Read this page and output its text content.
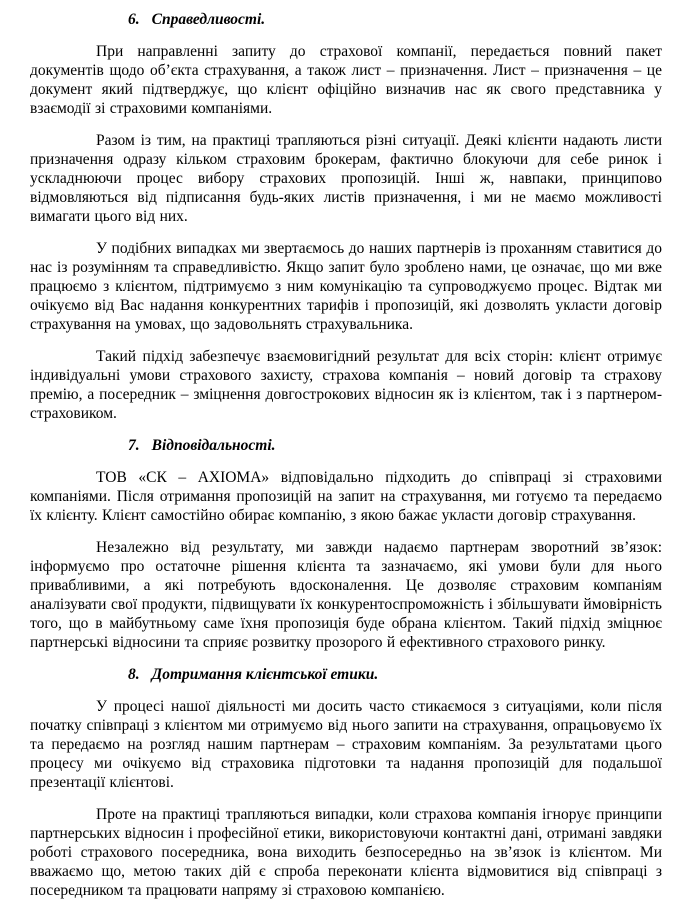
6. Справедливості.

При направленні запиту до страхової компанії, передається повний пакет документів щодо об’єкта страхування, а також лист – призначення. Лист – призначення – це документ який підтверджує, що клієнт офіційно визначив нас як свого представника у взаємодії зі страховими компаніями.

Разом із тим, на практиці трапляються різні ситуації. Деякі клієнти надають листи призначення одразу кільком страховим брокерам, фактично блокуючи для себе ринок і ускладнюючи процес вибору страхових пропозицій. Інші ж, навпаки, принципово відмовляються від підписання будь-яких листів призначення, і ми не маємо можливості вимагати цього від них.

У подібних випадках ми звертаємось до наших партнерів із проханням ставитися до нас із розумінням та справедливістю. Якщо запит було зроблено нами, це означає, що ми вже працюємо з клієнтом, підтримуємо з ним комунікацію та супроводжуємо процес. Відтак ми очікуємо від Вас надання конкурентних тарифів і пропозицій, які дозволять укласти договір страхування на умовах, що задовольнять страхувальника.

Такий підхід забезпечує взаємовигідний результат для всіх сторін: клієнт отримує індивідуальні умови страхового захисту, страхова компанія – новий договір та страхову премію, а посередник – зміцнення довгострокових відносин як із клієнтом, так і з партнером-страховиком.

7. Відповідальності.

ТОВ «СК – АХІОМА» відповідально підходить до співпраці зі страховими компаніями. Після отримання пропозицій на запит на страхування, ми готуємо та передаємо їх клієнту. Клієнт самостійно обирає компанію, з якою бажає укласти договір страхування.

Незалежно від результату, ми завжди надаємо партнерам зворотний зв’язок: інформуємо про остаточне рішення клієнта та зазначаємо, які умови були для нього привабливими, а які потребують вдосконалення. Це дозволяє страховим компаніям аналізувати свої продукти, підвищувати їх конкурентоспроможність і збільшувати ймовірність того, що в майбутньому саме їхня пропозиція буде обрана клієнтом. Такий підхід зміцнює партнерські відносини та сприяє розвитку прозорого й ефективного страхового ринку.

8. Дотримання клієнтської етики.

У процесі нашої діяльності ми досить часто стикаємося з ситуаціями, коли після початку співпраці з клієнтом ми отримуємо від нього запити на страхування, опрацьовуємо їх та передаємо на розгляд нашим партнерам – страховим компаніям. За результатами цього процесу ми очікуємо від страховика підготовки та надання пропозицій для подальшої презентації клієнтові.

Проте на практиці трапляються випадки, коли страхова компанія ігнорує принципи партнерських відносин і професійної етики, використовуючи контактні дані, отримані завдяки роботі страхового посередника, вона виходить безпосередньо на зв’язок із клієнтом. Ми вважаємо що, метою таких дій є спроба переконати клієнта відмовитися від співпраці з посередником та працювати напряму зі страховою компанією.
